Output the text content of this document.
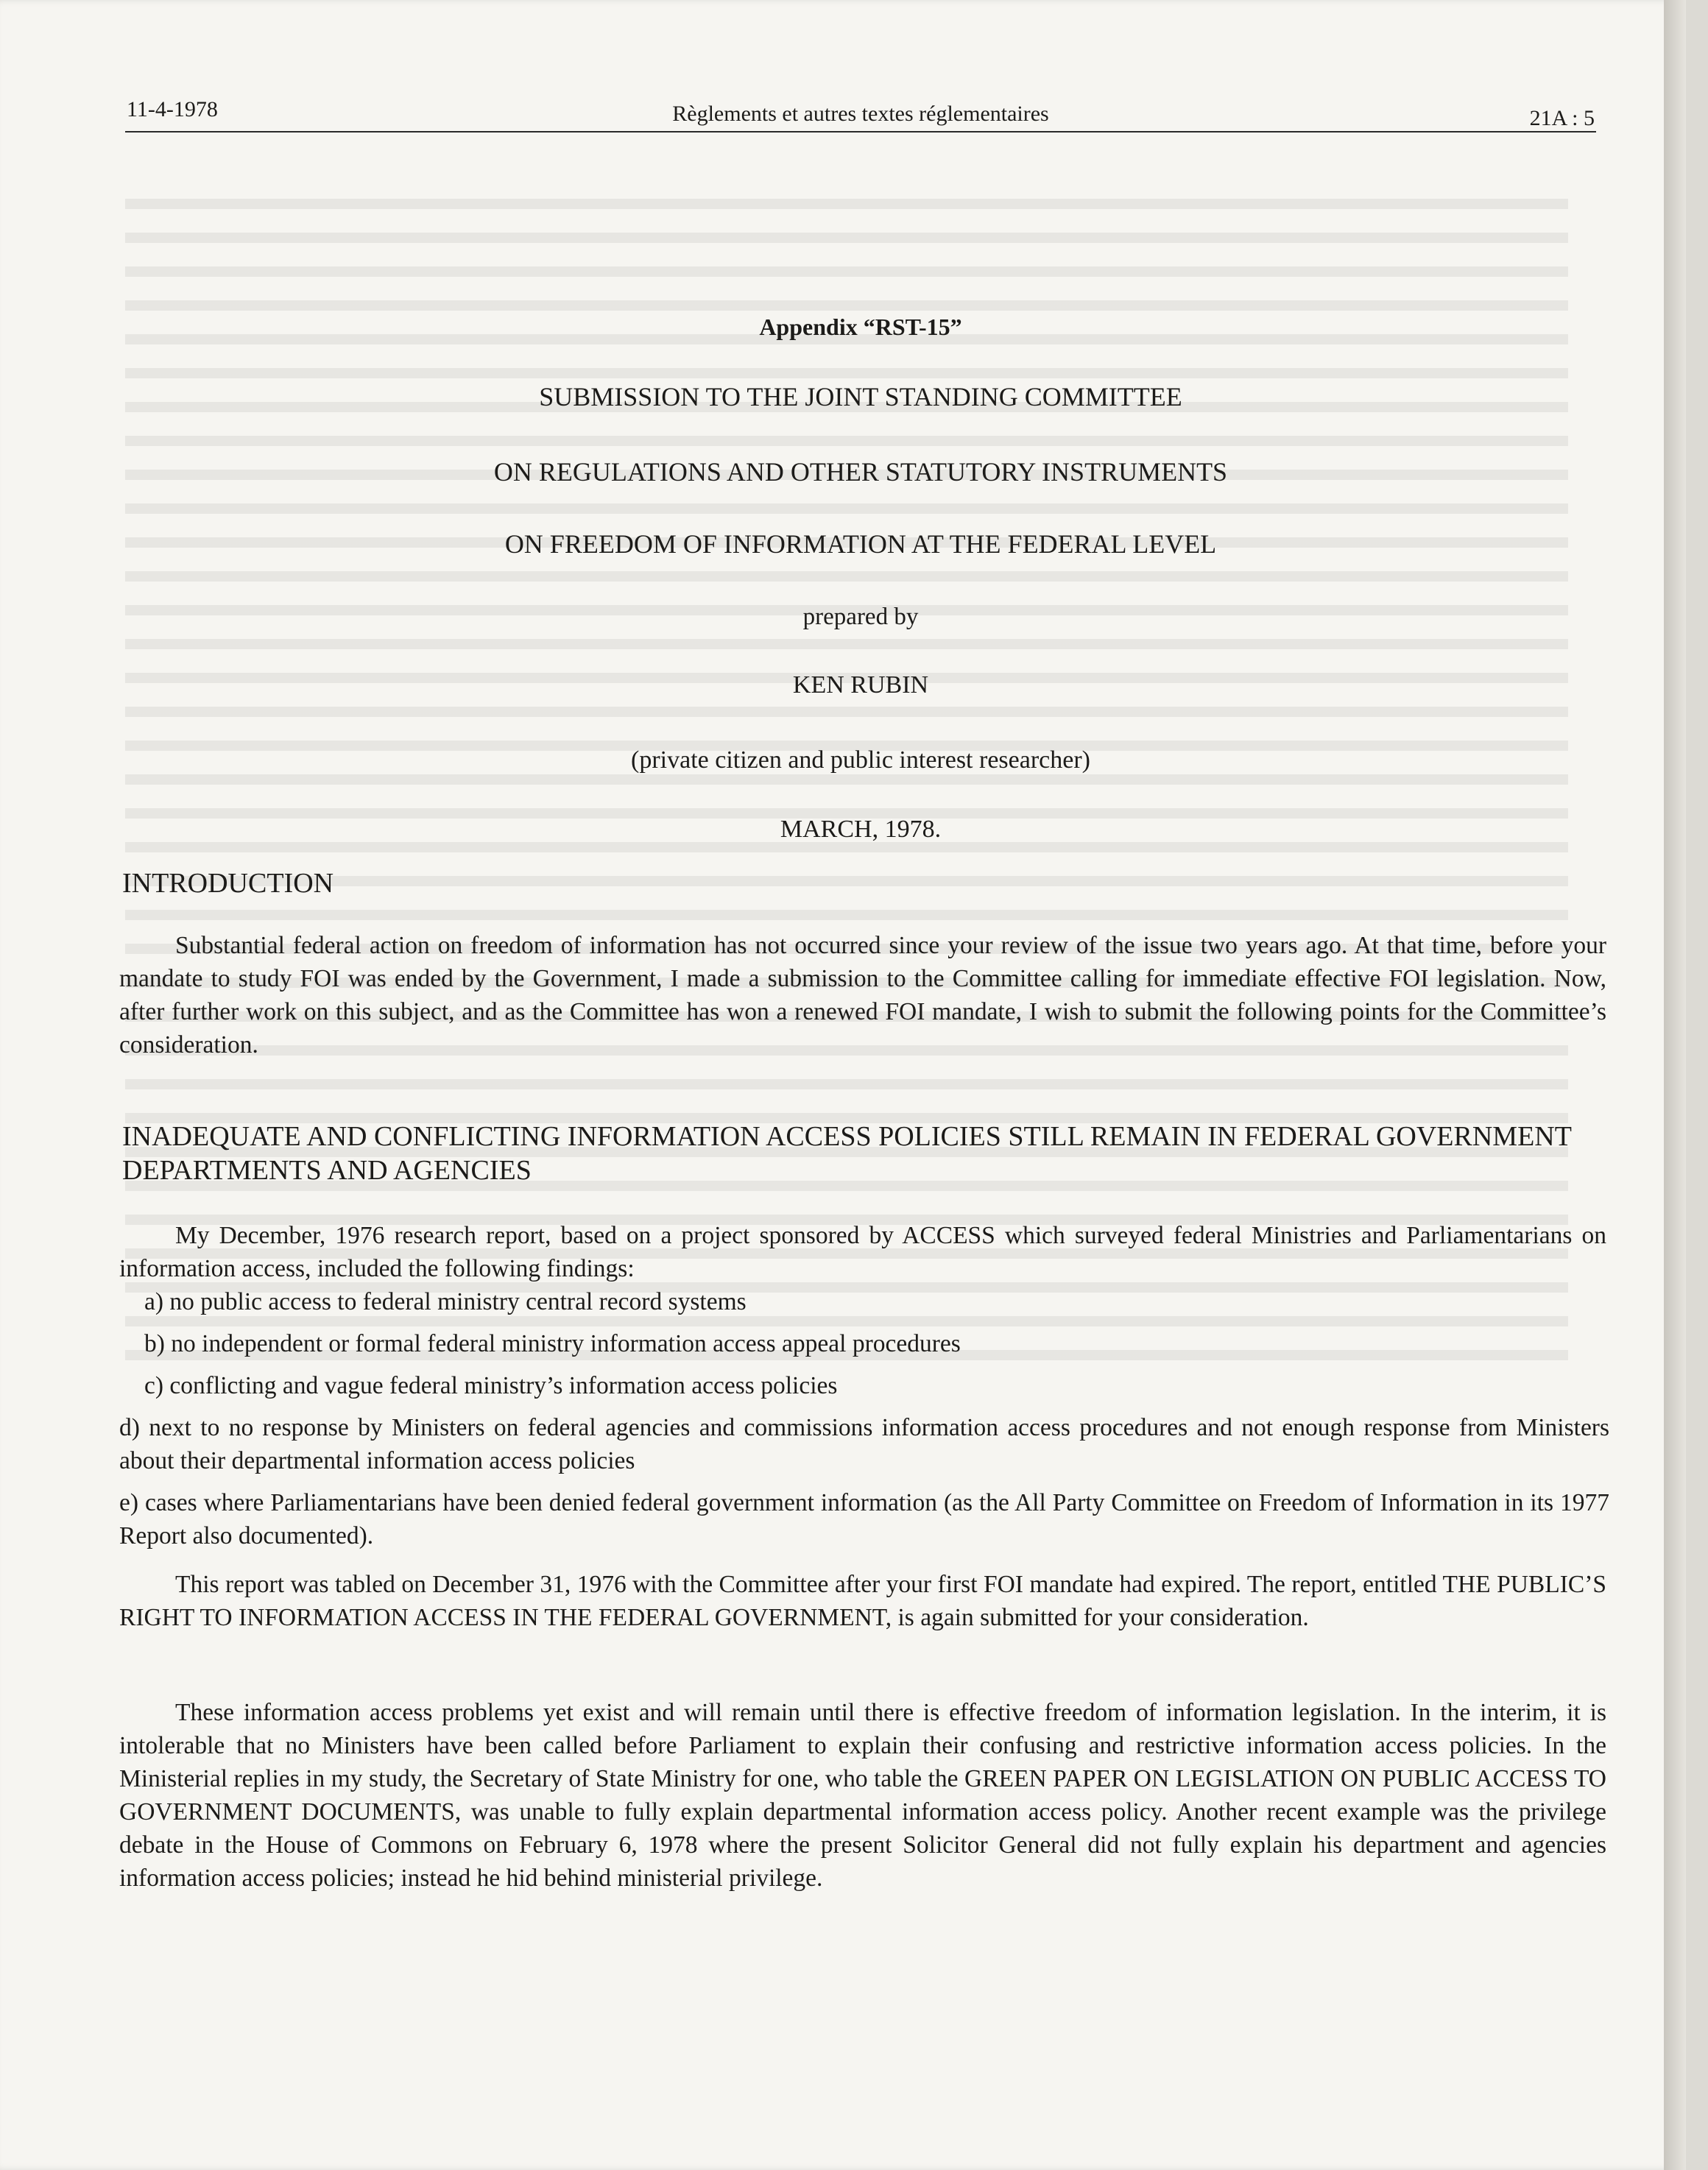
11-4-1978	Règlements et autres textes réglementaires	21A : 5

Appendix “RST-15”

SUBMISSION TO THE JOINT STANDING COMMITTEE

ON REGULATIONS AND OTHER STATUTORY INSTRUMENTS

ON FREEDOM OF INFORMATION AT THE FEDERAL LEVEL

prepared by

KEN RUBIN

(private citizen and public interest researcher)

MARCH, 1978.

INTRODUCTION

Substantial federal action on freedom of information has not occurred since your review of the issue two years ago. At that time, before your mandate to study FOI was ended by the Government, I made a submission to the Committee calling for immediate effective FOI legislation. Now, after further work on this subject, and as the Committee has won a renewed FOI mandate, I wish to submit the following points for the Committee’s consideration.

INADEQUATE AND CONFLICTING INFORMATION ACCESS POLICIES STILL REMAIN IN FEDERAL GOVERNMENT DEPARTMENTS AND AGENCIES

My December, 1976 research report, based on a project sponsored by ACCESS which surveyed federal Ministries and Parliamentarians on information access, included the following findings:

a) no public access to federal ministry central record systems
b) no independent or formal federal ministry information access appeal procedures
c) conflicting and vague federal ministry’s information access policies
d) next to no response by Ministers on federal agencies and commissions information access procedures and not enough response from Ministers about their departmental information access policies
e) cases where Parliamentarians have been denied federal government information (as the All Party Committee on Freedom of Information in its 1977 Report also documented).

This report was tabled on December 31, 1976 with the Committee after your first FOI mandate had expired. The report, entitled THE PUBLIC’S RIGHT TO INFORMATION ACCESS IN THE FEDERAL GOVERNMENT, is again submitted for your consideration.

These information access problems yet exist and will remain until there is effective freedom of information legislation. In the interim, it is intolerable that no Ministers have been called before Parliament to explain their confusing and restrictive information access policies. In the Ministerial replies in my study, the Secretary of State Ministry for one, who table the GREEN PAPER ON LEGISLATION ON PUBLIC ACCESS TO GOVERNMENT DOCUMENTS, was unable to fully explain departmental information access policy. Another recent example was the privilege debate in the House of Commons on February 6, 1978 where the present Solicitor General did not fully explain his department and agencies information access policies; instead he hid behind ministerial privilege.
